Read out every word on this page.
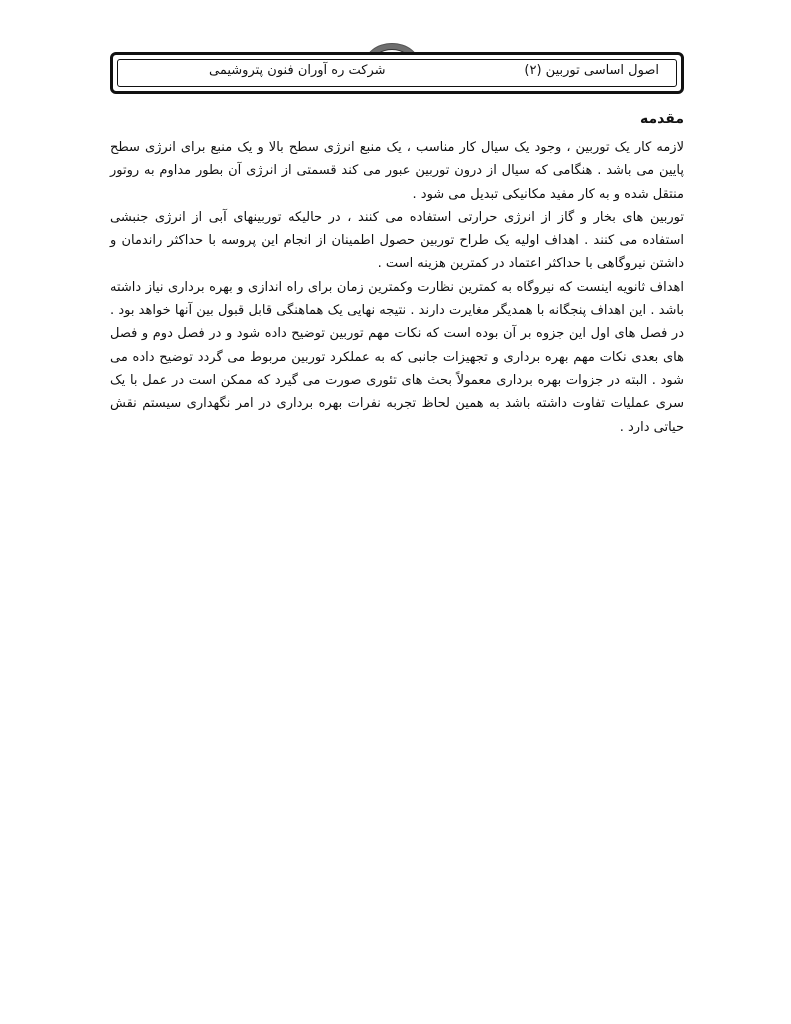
اصول اساسی توربین (۲)
شرکت ره آوران فنون پتروشیمی
مقدمه

لازمه کار یک توربین ، وجود یک سیال کار مناسب ، یک منبع انرژی سطح بالا و یک منبع برای انرژی سطح پایین می باشد . هنگامی که سیال از درون توربین عبور می کند قسمتی از انرژی آن بطور مداوم به روتور منتقل شده و به کار مفید مکانیکی تبدیل می شود .

توربین های بخار و گاز از انرژی حرارتی استفاده می کنند ، در حالیکه توربینهای آبی از انرژی جنبشی استفاده می کنند . اهداف اولیه یک طراح توربین حصول اطمینان از انجام این پروسه با حداکثر راندمان و داشتن نیروگاهی با حداکثر اعتماد در کمترین هزینه است .

اهداف ثانویه اینست که نیروگاه به کمترین نظارت وکمترین زمان برای راه اندازی و بهره برداری نیاز داشته باشد . این اهداف پنجگانه با همدیگر مغایرت دارند . نتیجه نهایی یک هماهنگی قابل قبول بین آنها خواهد بود . در فصل های اول این جزوه بر آن بوده است که نکات مهم توربین توضیح داده شود و در فصل دوم و فصل های بعدی نکات مهم بهره برداری و تجهیزات جانبی که به عملکرد توربین مربوط می گردد توضیح داده می شود . البته در جزوات بهره برداری معمولاً بحث های تئوری صورت می گیرد که ممکن است در عمل با یک سری عملیات تفاوت داشته باشد به همین لحاظ تجربه نفرات بهره برداری در امر نگهداری سیستم نقش حیاتی دارد .
